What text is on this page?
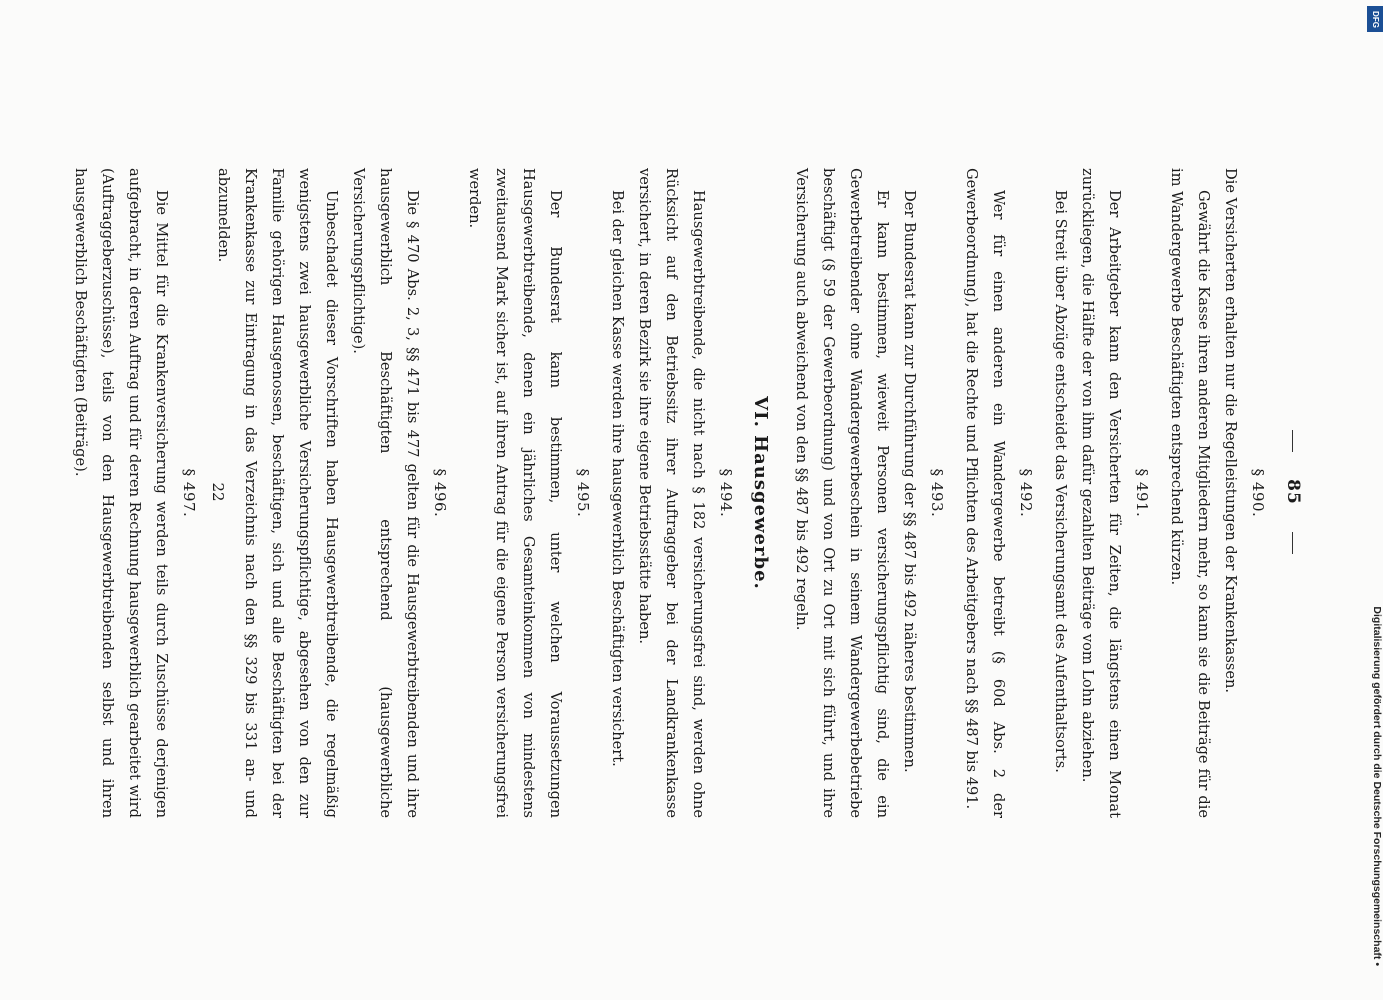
85

§ 490.

Die Versicherten erhalten nur die Regelleistungen der Krankenkassen.

Gewährt die Kasse ihren anderen Mitgliedern mehr, so kann sie die Beiträge für die im Wandergewerbe Beschäftigten entsprechend kürzen.

§ 491.

Der Arbeitgeber kann den Versicherten für Zeiten, die längstens einen Monat zurückliegen, die Hälfte der von ihm dafür gezahlten Beiträge vom Lohn abziehen.

Bei Streit über Abzüge entscheidet das Versicherungsamt des Aufenthaltsorts.

§ 492.

Wer für einen anderen ein Wandergewerbe betreibt (§ 60d Abs. 2 der Gewerbeordnung), hat die Rechte und Pflichten des Arbeitgebers nach §§ 487 bis 491.

§ 493.

Der Bundesrat kann zur Durchführung der §§ 487 bis 492 näheres bestimmen.

Er kann bestimmen, wieweit Personen versicherungspflichtig sind, die ein Gewerbetreibender ohne Wandergewerbeschein in seinem Wandergewerbebetriebe beschäftigt (§ 59 der Gewerbeordnung) und von Ort zu Ort mit sich führt, und ihre Versicherung auch abweichend von den §§ 487 bis 492 regeln.

VI. Hausgewerbe.

§ 494.

Hausgewerbtreibende, die nicht nach § 182 versicherungsfrei sind, werden ohne Rücksicht auf den Betriebssitz ihrer Auftraggeber bei der Landkrankenkasse versichert, in deren Bezirk sie ihre eigene Betriebsstätte haben.

Bei der gleichen Kasse werden ihre hausgewerblich Beschäftigten versichert.

§ 495.

Der Bundesrat kann bestimmen, unter welchen Voraussetzungen Hausgewerbtreibende, denen ein jährliches Gesamteinkommen von mindestens zweitausend Mark sicher ist, auf ihren Antrag für die eigene Person versicherungsfrei werden.

§ 496.

Die § 470 Abs. 2, 3, §§ 471 bis 477 gelten für die Hausgewerbtreibenden und ihre hausgewerblich Beschäftigten entsprechend (hausgewerbliche Versicherungspflichtige).

Unbeschadet dieser Vorschriften haben Hausgewerbtreibende, die regelmäßig wenigstens zwei hausgewerbliche Versicherungspflichtige, abgesehen von den zur Familie gehörigen Hausgenossen, beschäftigen, sich und alle Beschäftigten bei der Krankenkasse zur Eintragung in das Verzeichnis nach den §§ 329 bis 331 an- und abzumelden.

§ 497.

Die Mittel für die Krankenversicherung werden teils durch Zuschüsse derjenigen aufgebracht, in deren Auftrag und für deren Rechnung hausgewerblich gearbeitet wird (Auftraggeberzuschüsse), teils von den Hausgewerbtreibenden selbst und ihren hausgewerblich Beschäftigten (Beiträge).

22
DFG
Digitalisierung gefördert durch die Deutsche Forschungsgemeinschaft •
